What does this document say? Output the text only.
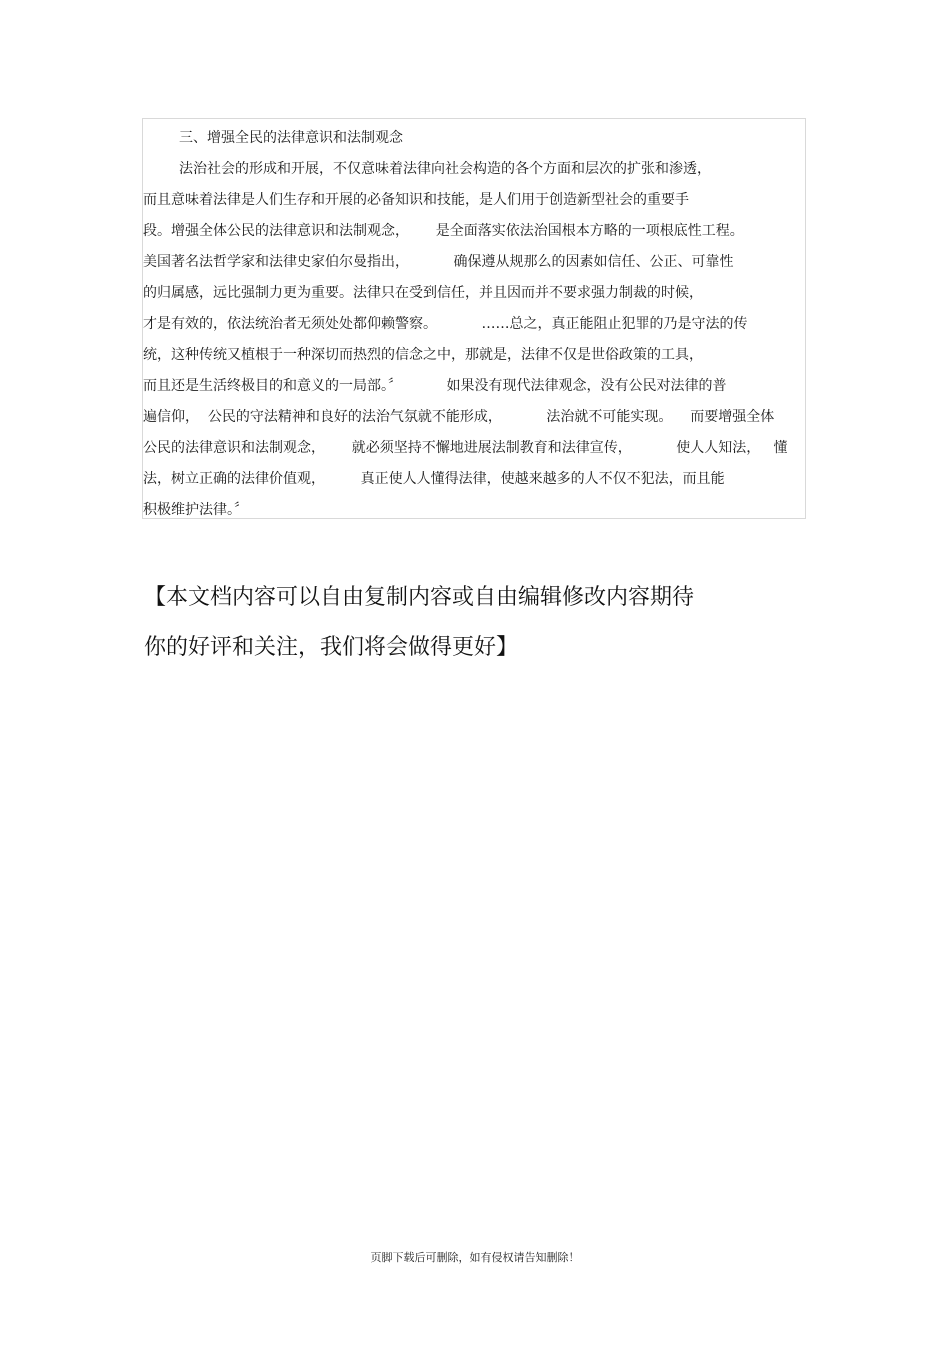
三、增强全民的法律意识和法制观念
法治社会的形成和开展，不仅意味着法律向社会构造的各个方面和层次的扩张和渗透，
而且意味着法律是人们生存和开展的必备知识和技能，是人们用于创造新型社会的重要手
段。增强全体公民的法律意识和法制观念，      是全面落实依法治国根本方略的一项根底性工程。
美国著名法哲学家和法律史家伯尔曼指出，          确保遵从规那么的因素如信任、公正、可靠性
的归属感，远比强制力更为重要。法律只在受到信任，并且因而并不要求强力制裁的时候，
才是有效的，依法统治者无须处处都仰赖警察。          ……总之，真正能阻止犯罪的乃是守法的传
统，这种传统又植根于一种深切而热烈的信念之中，那就是，法律不仅是世俗政策的工具，
而且还是生活终极目的和意义的一局部。〞          如果没有现代法律观念，没有公民对法律的普
遍信仰，  公民的守法精神和良好的法治气氛就不能形成，          法治就不可能实现。    而要增强全体
公民的法律意识和法制观念，      就必须坚持不懈地进展法制教育和法律宣传，          使人人知法，   懂
法，树立正确的法律价值观，        真正使人人懂得法律，使越来越多的人不仅不犯法，而且能
积极维护法律。〞
【本文档内容可以自由复制内容或自由编辑修改内容期待
你的好评和关注，我们将会做得更好】
页脚下载后可删除，如有侵权请告知删除！
